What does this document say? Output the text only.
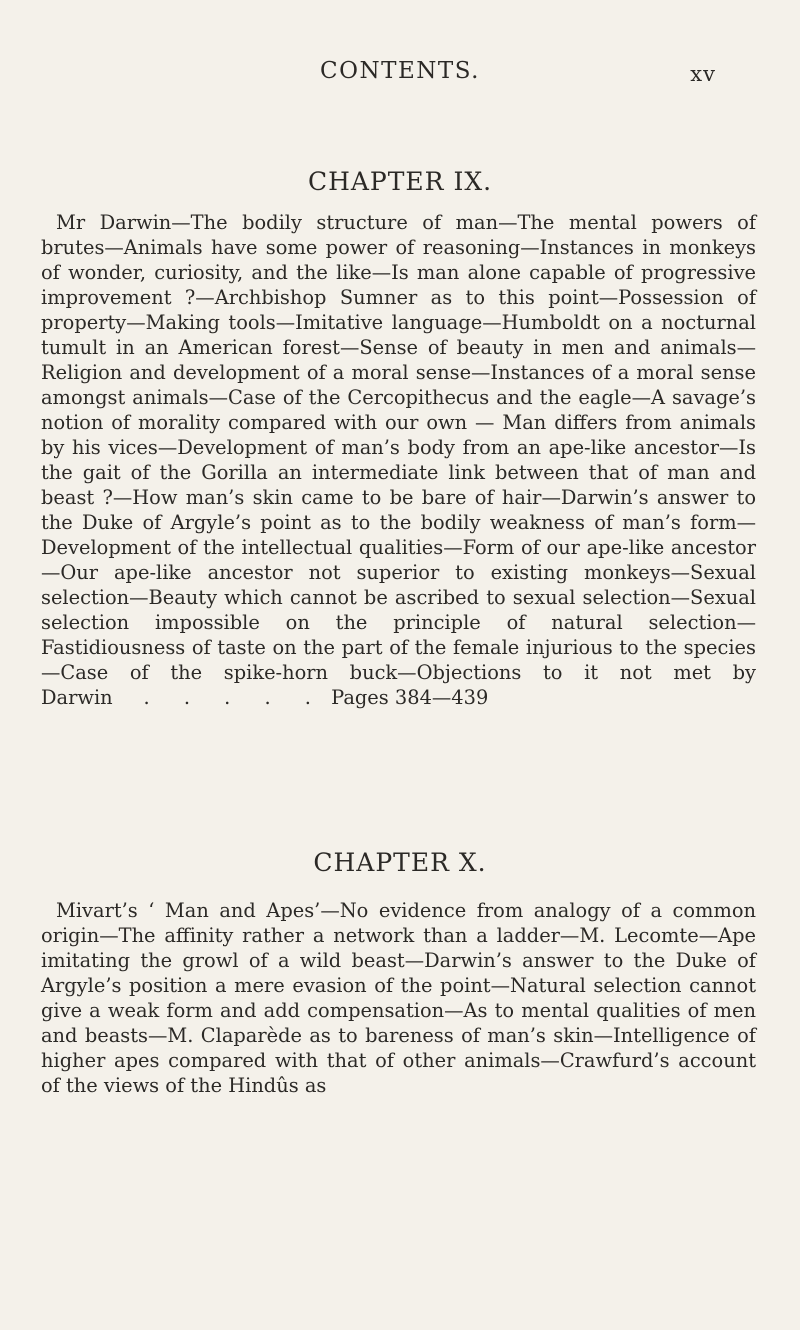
CONTENTS.	xv
CHAPTER IX.

Mr Darwin—The bodily structure of man—The mental powers of brutes—Animals have some power of reasoning—Instances in monkeys of wonder, curiosity, and the like—Is man alone capable of progressive improvement ?—Archbishop Sumner as to this point—Possession of property—Making tools—Imitative language—Humboldt on a nocturnal tumult in an American forest—Sense of beauty in men and animals—Religion and development of a moral sense—Instances of a moral sense amongst animals—Case of the Cercopithecus and the eagle—A savage’s notion of morality compared with our own — Man differs from animals by his vices—Development of man’s body from an ape-like ancestor—Is the gait of the Gorilla an intermediate link between that of man and beast ?—How man’s skin came to be bare of hair—Darwin’s answer to the Duke of Argyle’s point as to the bodily weakness of man’s form—Development of the intellectual qualities—Form of our ape-like ancestor—Our ape-like ancestor not superior to existing monkeys—Sexual selection—Beauty which cannot be ascribed to sexual selection—Sexual selection impossible on the principle of natural selection—Fastidiousness of taste on the part of the female injurious to the species—Case of the spike-horn buck—Objections to it not met by Darwin . . . . . Pages 384—439

CHAPTER X.

Mivart’s ‘ Man and Apes’—No evidence from analogy of a common origin—The affinity rather a network than a ladder—M. Lecomte—Ape imitating the growl of a wild beast—Darwin’s answer to the Duke of Argyle’s position a mere evasion of the point—Natural selection cannot give a weak form and add compensation—As to mental qualities of men and beasts—M. Claparède as to bareness of man’s skin—Intelligence of higher apes compared with that of other animals—Crawfurd’s account of the views of the Hindûs as
